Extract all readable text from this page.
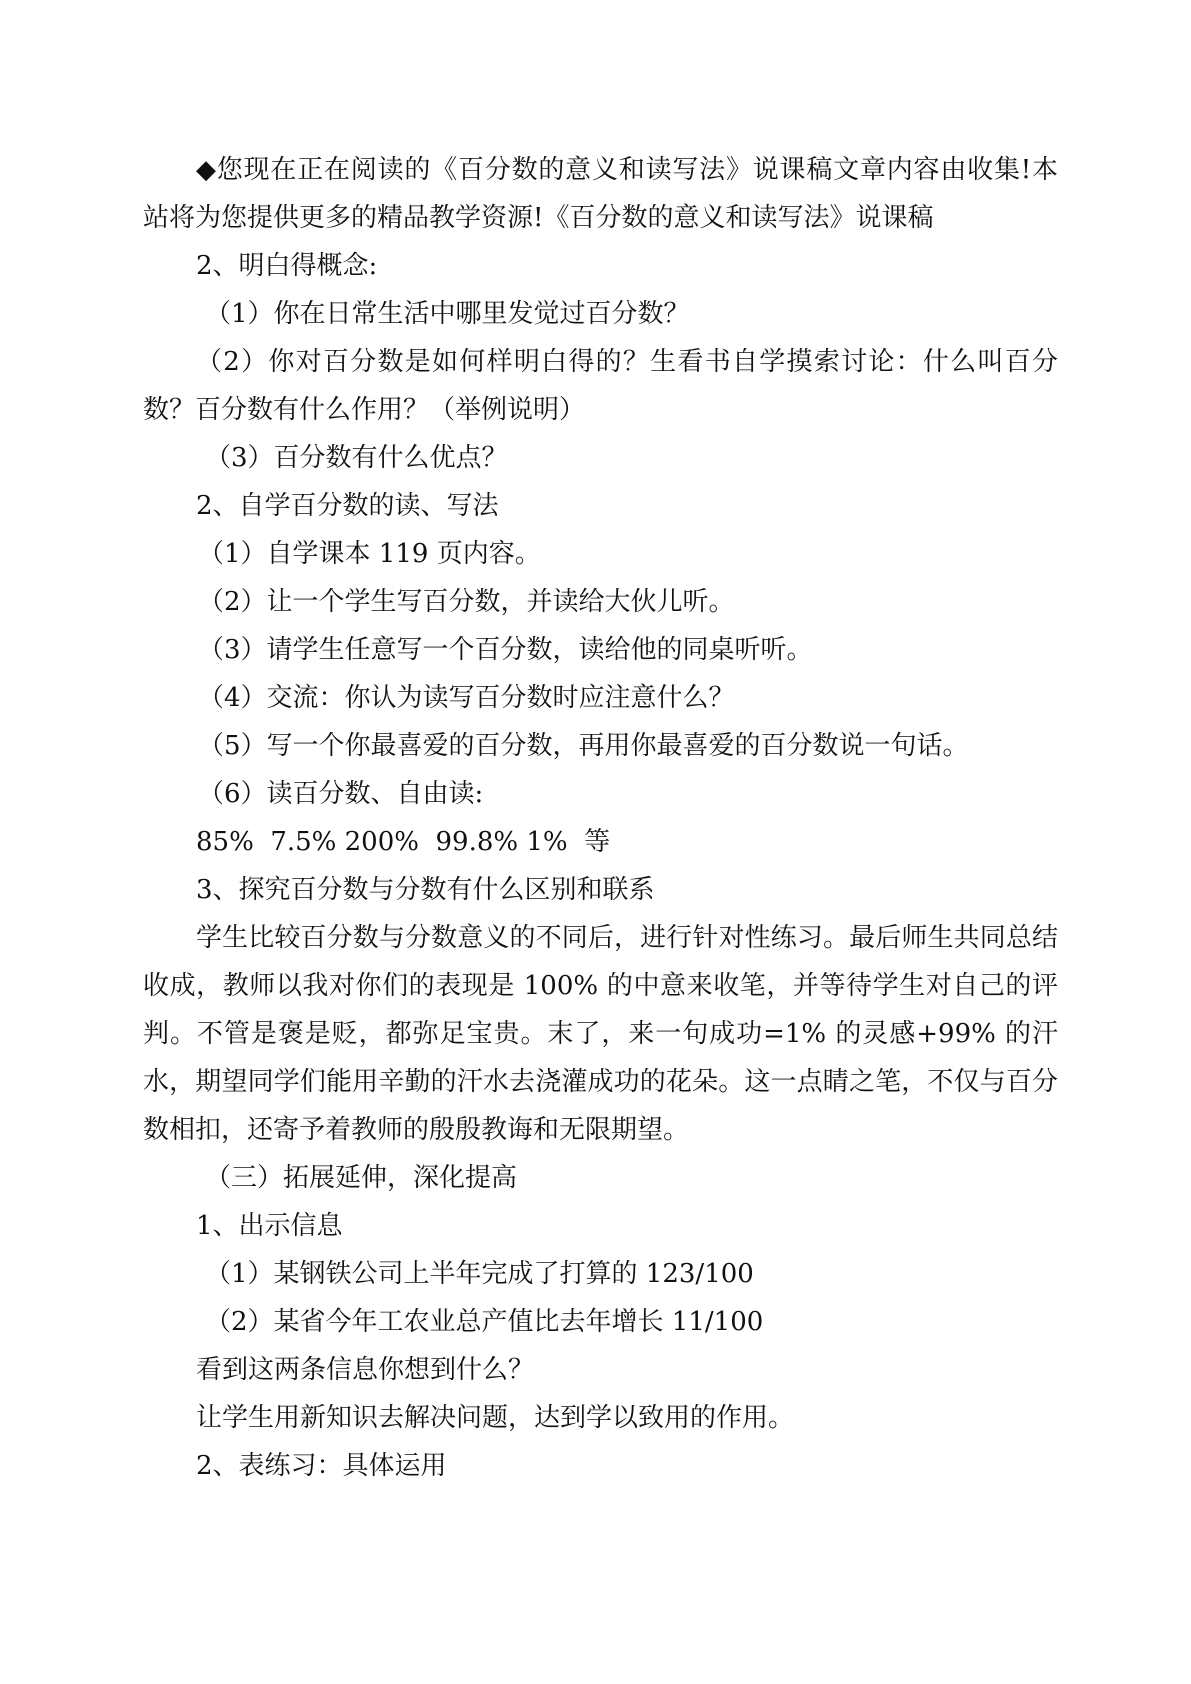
◆您现在正在阅读的《百分数的意义和读写法》说课稿文章内容由收集!本站将为您提供更多的精品教学资源!《百分数的意义和读写法》说课稿
2、明白得概念:
（1）你在日常生活中哪里发觉过百分数？
（2）你对百分数是如何样明白得的？生看书自学摸索讨论：什么叫百分数？百分数有什么作用？（举例说明）
（3）百分数有什么优点？
2、自学百分数的读、写法
（1）自学课本 119 页内容。
（2）让一个学生写百分数，并读给大伙儿听。
（3）请学生任意写一个百分数，读给他的同桌听听。
（4）交流：你认为读写百分数时应注意什么？
（5）写一个你最喜爱的百分数，再用你最喜爱的百分数说一句话。
（6）读百分数、自由读:
85%  7.5% 200%  99.8% 1%  等
3、探究百分数与分数有什么区别和联系
学生比较百分数与分数意义的不同后，进行针对性练习。最后师生共同总结收成，教师以我对你们的表现是 100% 的中意来收笔，并等待学生对自己的评判。不管是褒是贬，都弥足宝贵。末了，来一句成功=1% 的灵感+99% 的汗水，期望同学们能用辛勤的汗水去浇灌成功的花朵。这一点睛之笔，不仅与百分数相扣，还寄予着教师的殷殷教诲和无限期望。
（三）拓展延伸，深化提高
1、出示信息
（1）某钢铁公司上半年完成了打算的 123/100
（2）某省今年工农业总产值比去年增长 11/100
看到这两条信息你想到什么？
让学生用新知识去解决问题，达到学以致用的作用。
2、表练习：具体运用
